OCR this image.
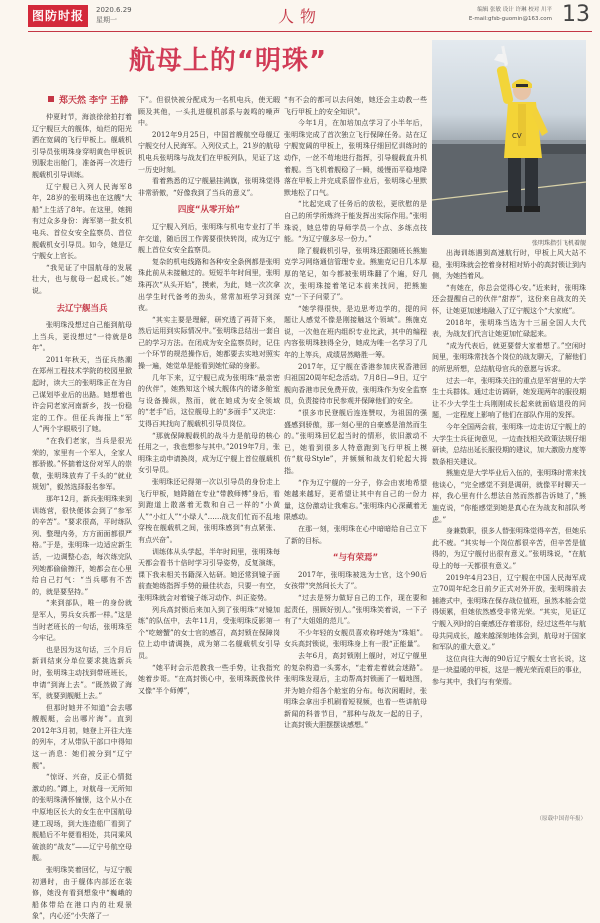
图防时报	2020.6.29
星期一	人物	编辑 张敏 设计 许琳 校对 川平
E-mail:gfsb-guomin@163.com 13
航母上的“明珠”
郑天然 李宁 王静
CV
张明珠指引飞机着舰

仲夏时节，海浪徐徐拍打着辽宁舰巨大的舰体，灿烂的阳光洒在宽阔的飞行甲板上。舰载机引导员张明珠身穿明黄色甲板识别服走出舱门，准备再一次进行舰载机引导训练。

辽宁舰已入列人民海军8年，28岁的张明珠也在这艘“大船”上生活了8年。在这里，她拥有过众多身份：海军第一批女机电兵、首位女安全监察员、首位舰载机女引导员。如今，她是辽宁舰女上官长。

“我见证了中国航母的发展壮大，也与航母一起成长。”她说。

去辽宁舰当兵

张明珠没想过自己能到航母上当兵，更没想过“一待就是8年”。

2011年秋天，当征兵热潮在郑州工程技术学院的校园里掀起时，读大三的张明珠正在为自己谋划毕业后的出路。她想着也许会同老家河南新乡，找一份稳定的工作。但征兵海报上“军人”两个字眼吸引了她。

“在我们老家，当兵是很光荣的，家里有一个军人，全家人都骄傲。”怀揣着这份对军人的崇敬，张明珠放弃了千头的“就业规划”，毅然选择报名参军。

那年12月，新兵张明珠来到训练营，很快便体会到了“参军的辛苦”。“要求很高，平时练队列、整理内务，方方面面都很严格。”于是，张明珠一边适应新生活，一边调整心态，每次练完队列她都偷偷擦汗，她都会在心里给自己打气：“当兵哪有不苦的，就是要坚持。”

“来到部队，唯一的身份就是军人，男兵女兵都一样。”这是当时老班长的一句话，张明珠至今牢记。

也是因为这句话，三个月后新训结束分单位要求挑选新兵时，张明珠主动找到带班班长，申请“到海上去”。“既然做了海军，就要到舰艇上去。”

但那时她并不知道“会去哪艘舰艇，会出哪片海”。直到2012年3月初，她登上开往大连的列车，才从带队干部口中得知这一消息：她们被分到“辽宁舰”。

“惊讶、兴奋，反正心情挺激动的。”蹲上，对航母一无所知的张明珠满怀憧憬，这个从小在中原地区长大的女生在中国航母建工现场，到大连造船厂看到了舰船后不年便看相处，共同乘风破浪的“战友”——辽宁号航空母舰。

张明珠笑着回忆，与辽宁舰初遇时，由于舰体内部还在装修，她没有看到想象中“巍峨的船体带给在港口内的壮观景象”，内心还“小失落了一

下”。但很快被分配成为一名机电兵，使无暇顾及其他，一头扎进舰机部系与轰鸣的噪声中。

2012年9月25日，中国首艘航空母舰辽宁舰交付人民海军。入列仪式上，21岁的航母机电兵张明珠与战友们在甲板列队，见证了这一历史时刻。

看着熟悉的辽宁舰悬挂满旗，张明珠觉得非常骄傲，“好像我到了当兵的意义”。

四度“从零开始”

辽宁舰入列后，张明珠与机电专业打了半年交道，随后因工作需要很快转岗，成为辽宁舰上首位女安全监察员。

复杂的机电线路和各种安全条例都是张明珠此前从未接触过的。短短半年时间里，张明珠再次“从头开始”，摸索，为此，她一次次拿出学生时代备考的劲头，常常加班学习到深夜。

“其实主要是理解，研究透了再背下来，然后运用到实际情况中。”张明珠总结出一套自己的学习方法。在闭成为安全监察员时，记住一个环节的规范操作后，她都要去实地对照实操一遍，她觉单是能看到她忙碌的身影。

几年下来，辽宁舰已成为张明珠“最亲密的伙伴”，她熟知这个城大舰体内的诸多舱室与设备操纵，熬而，就在她成为安全领域的“老手”后，这位舰母上的“多面手”又决定：艾得百其找向了舰载机引导员岗位。

“那就保障舰载机的战斗力是航母的核心任用之一，我也想参与其中。”2019年7月，张明珠主动申请换岗，成为辽宁舰上首位舰载机女引导员。

张明珠还记得第一次以引导员的身份走上飞行甲板，她降随在专业“带教师傅”身后，看到跑道上散落着无数和自己一样的“小黄人”“小红人”“小绿人”……战友们忙而不乱地穿梭在舰载机之间，张明珠感到“有点紧张、有点兴奋”。

训练体从头学起，半年时间里，张明珠每天都会看书十倍时学习引导姿势，反复演练，课下我未相关书籍深入钻研。她还常到镜子面前查她练指挥手势的最佳状态，只要一有空，张明珠就会对着镜子练习动作、纠正姿势。

列兵高封锁后来加入到了张明珠“对镜加练”的队伍中，去年11月，受张明珠反影第一个“吃螃蟹”的女士官的感召，高封锁在保障岗位上动申请调换，成为第二名舰载机女引导员。

“她平时会示范教我一些手势，让我指究她着步哥。“在高封锁心中，张明珠既像伙伴又像“半个师傅”，

“有不会的都可以去问她，她还会主动教一些飞行甲板上的安全知识”。

今年1月，在加培加点学习了小半年后，张明珠完成了首次独立飞行保障任务。站在辽宁舰宽阔的甲板上，张明珠仔细回忆训练时的动作，一丝不苟地进行指挥，引导舰载直升机着舰。当飞机着舰稳了一瞬，缓慢而平稳地降落在甲板上并完成系留作业后，张明珠心里默默地松了口气。

“比起完成了任务后的放松，更欣慰的是自己的所学所炼终于能发挥出实际作用。”张明珠说，她总带的导师学员一个点、多练点技能。“为辽宁舰多尽一份力。”

除了舰载机引导，张明珠还跟随班长熊施克学习网络通信管理专业。熊施克记日几本厚厚的笔记，如今都被张明珠翻了个遍，好几次，张明珠接着笔记本前来找问，把熊施克“一下子问蒙了”。

“她学得很快，是边思考边学的，提的问题让人感觉不像是刚接触这个领域”。熊施克说，一次他在班内组织专业比武，其中的编程内容张明珠独得全分，她成为唯一名学习了几年的上等兵，成绩居然略胜一筹。

2017年，辽宁舰在香港参加庆祝香港回归祖国20周年纪念活动。7月8日—9日，辽宁舰向香港市民免费开放，张明珠作为安全监察员，负责接待市民参观并保障他们的安全。

“很多市民登舰后连连赞叹，为祖国的强盛感到骄傲，那一刻心里的自豪感是油然而生的。”张明珠回忆起当时的情形，依旧激动不已，她看到很多人特意跑到飞行甲板上模仿“航母Style”，并频频和战友们轮起大拇指。

“作为辽宁舰的一分子，你会由衷地希望她越来越好，更希望让其中有自己的一份力量，这份激动让我难忘。”张明珠内心深藏着无限感动。

在那一刻，张明珠在心中暗暗给自己立下了新的目标。

“与有荣焉”

2017年，张明珠被选为士官，这个90后女孩带“突然间长大了”。

“过去是努力做好自己的工作，现在要和起责任，照顾好别人。”张明珠笑着说，一下子有了“大姐姐的范儿”。

不少年轻的女舰员喜欢称呼她为“珠姐”。女兵高封锁说，张明珠身上有一股“正能量”。

去年6月，高封锁刚上舰时，对辽宁舰里的复杂构造一头雾水，“走着走着就会迷路”。张明珠发现后，主动帮高封锁画了一幅地图，并为她介绍各个舱室的分布。每次闲暇时，张明珠会拿出手机刷看短视频，也看一些讲航母新闻的科普节目，“那种与战友一起的日子，让高封锁大胆摆摆谈感想。”

出海训练遇到高速航行时，甲板上风大站不稳，张明珠就会挖着身材相对矫小的高封锁让到内侧，为她挡着风。

“有她在，你总会觉得心安。”近来时，张明珠还会提醒自己的伙伴“甜荐”，这份来自战友的关怀，让她更加速地融入了辽宁舰这个“大家庭”。

2018年，张明珠当选为十三届全国人大代表，为战友们代言让她更加忙碌起来。

“成为代表后，就更要替大家着想了。”空闲时间里，张明珠常找各个岗位的战友聊天，了解他们的所思所想，总结航母官兵的意愿与诉求。

过去一年，张明珠关注的重点是军营里的大学生士兵群体。通过走访调研，她发现两年的服役期让不少大学生士兵刚刚成长起来就面临退役的问题，一定程度上影响了他们在部队作用的发挥。

今年全国两会前，张明珠一边走访辽宁舰上的大学生士兵征询意见，一边查找相关政策法规仔细研读，总结出延长服役期的建议，加大激励力度等数条相关建议。

熊施克是大学毕业后入伍的，张明珠时常来找他谈心，“完全感觉不到是调研，就像平时聊天一样，我心里有什么想法自然而然都告诉她了，”熊施克说，“你能感觉到她是真心在为战友和部队考虑。”

身兼数职，很多人替张明珠觉得辛苦，但她乐此不疲。“其实每一个岗位都很辛苦，但辛苦是值得的，为辽宁舰付出很有意义。”张明珠说，“在航母上的每一天都很有意义。”

2019年4月23日，辽宁舰在中国人民海军成立70周年纪念日前夕正式对外开放，张明珠前去捕港式中，张明珠在保存战位值班，虽然本能会觉得烦累，但她依然感受非常光荣。“其实，见证辽宁舰入列时的自豪感还存着那份，经过这些年与航母共同成长，越来越深刻地体会到，航母对于国家和军队的重大意义。”

这位向往大海的90后辽宁舰女士官长说，这是一块温暖的甲板，这是一艘光荣而艰巨的事业，参与其中，我们与有荣焉。

（原载中国青年报）
